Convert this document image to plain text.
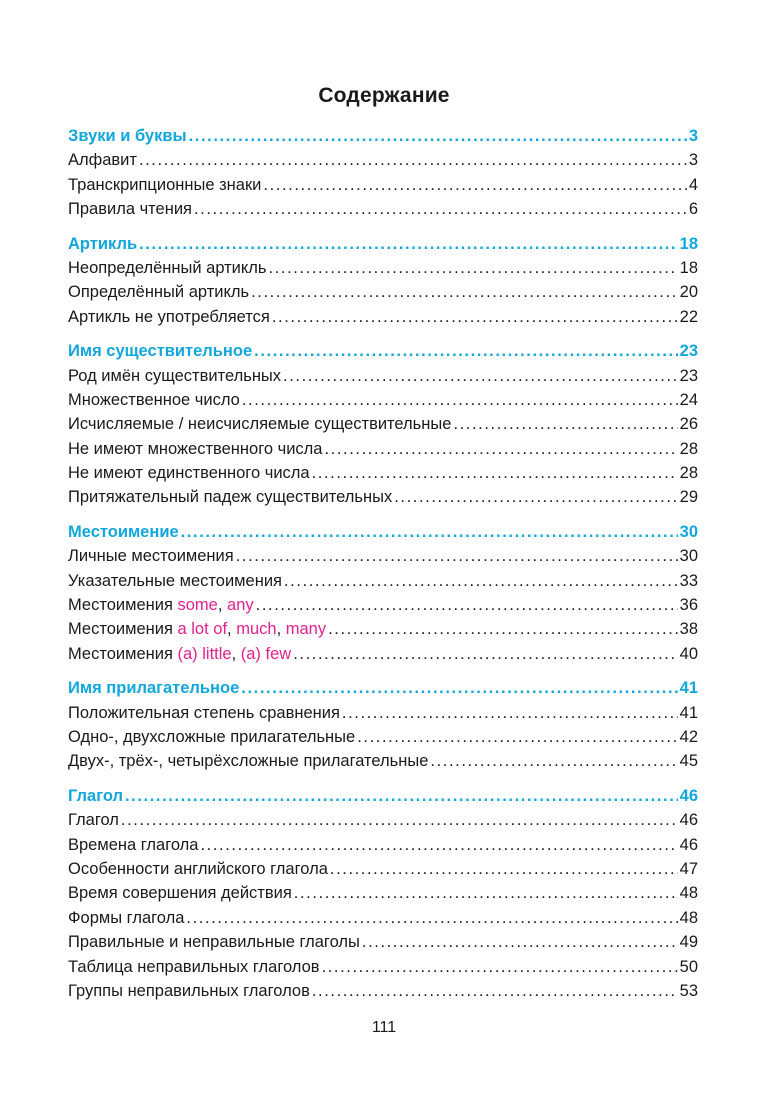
Содержание
Звуки и буквы .....	3
Алфавит .....	3
Транскрипционные знаки .....	4
Правила чтения .....	6
Артикль .....	18
Неопределённый артикль .....	18
Определённый артикль .....	20
Артикль не употребляется .....	22
Имя существительное .....	23
Род имён существительных .....	23
Множественное число .....	24
Исчисляемые / неисчисляемые существительные .....	26
Не имеют множественного числа .....	28
Не имеют единственного числа .....	28
Притяжательный падеж существительных .....	29
Местоимение .....	30
Личные местоимения .....	30
Указательные местоимения .....	33
Местоимения some, any .....	36
Местоимения a lot of, much, many .....	38
Местоимения (a) little, (a) few .....	40
Имя прилагательное .....	41
Положительная степень сравнения .....	41
Одно-, двухсложные прилагательные .....	42
Двух-, трёх-, четырёхсложные прилагательные .....	45
Глагол .....	46
Глагол .....	46
Времена глагола .....	46
Особенности английского глагола .....	47
Время совершения действия .....	48
Формы глагола .....	48
Правильные и неправильные глаголы .....	49
Таблица неправильных глаголов .....	50
Группы неправильных глаголов .....	53
111
